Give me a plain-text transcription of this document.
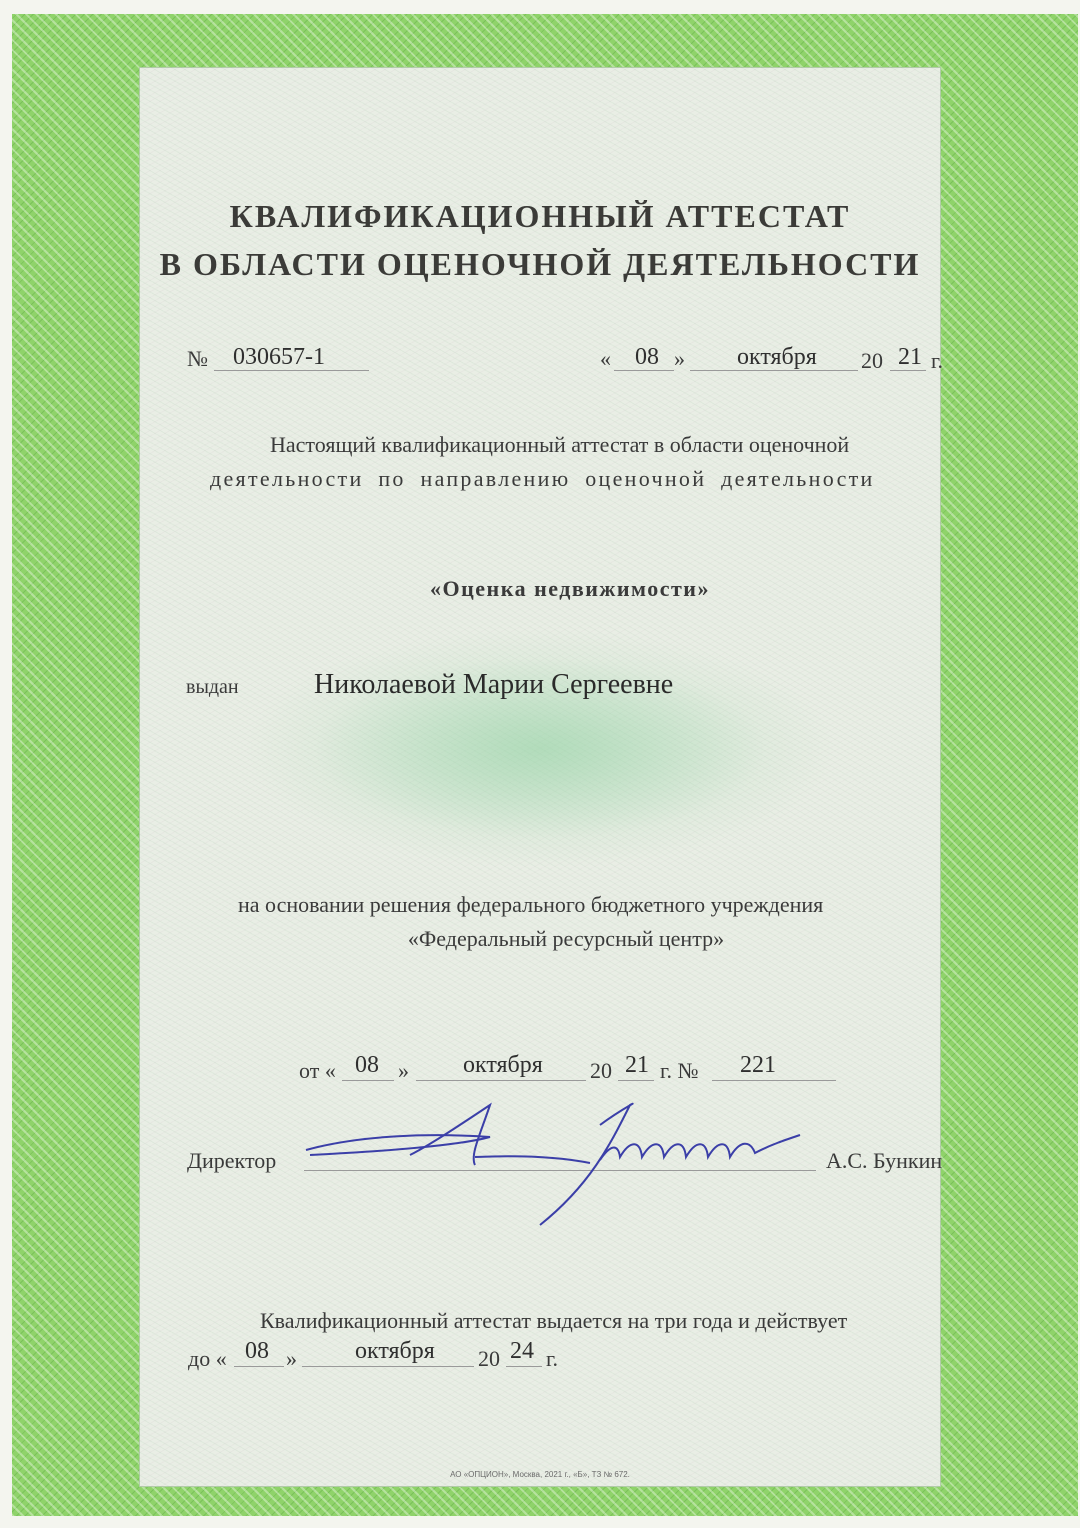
КВАЛИФИКАЦИОННЫЙ АТТЕСТАТ
В ОБЛАСТИ ОЦЕНОЧНОЙ ДЕЯТЕЛЬНОСТИ
№ 030657-1	« 08 » октября 20 21 г.
Настоящий квалификационный аттестат в области оценочной
деятельности по направлению оценочной деятельности
«Оценка недвижимости»
выдан	Николаевой Марии Сергеевне
на основании решения федерального бюджетного учреждения
«Федеральный ресурсный центр»
от « 08 » октября 20 21 г. № 221
Директор	А.С. Бункин
Квалификационный аттестат выдается на три года и действует
до « 08 » октября 20 24 г.
АО «ОПЦИОН», Москва, 2021 г., «Б», ТЗ № 672.
